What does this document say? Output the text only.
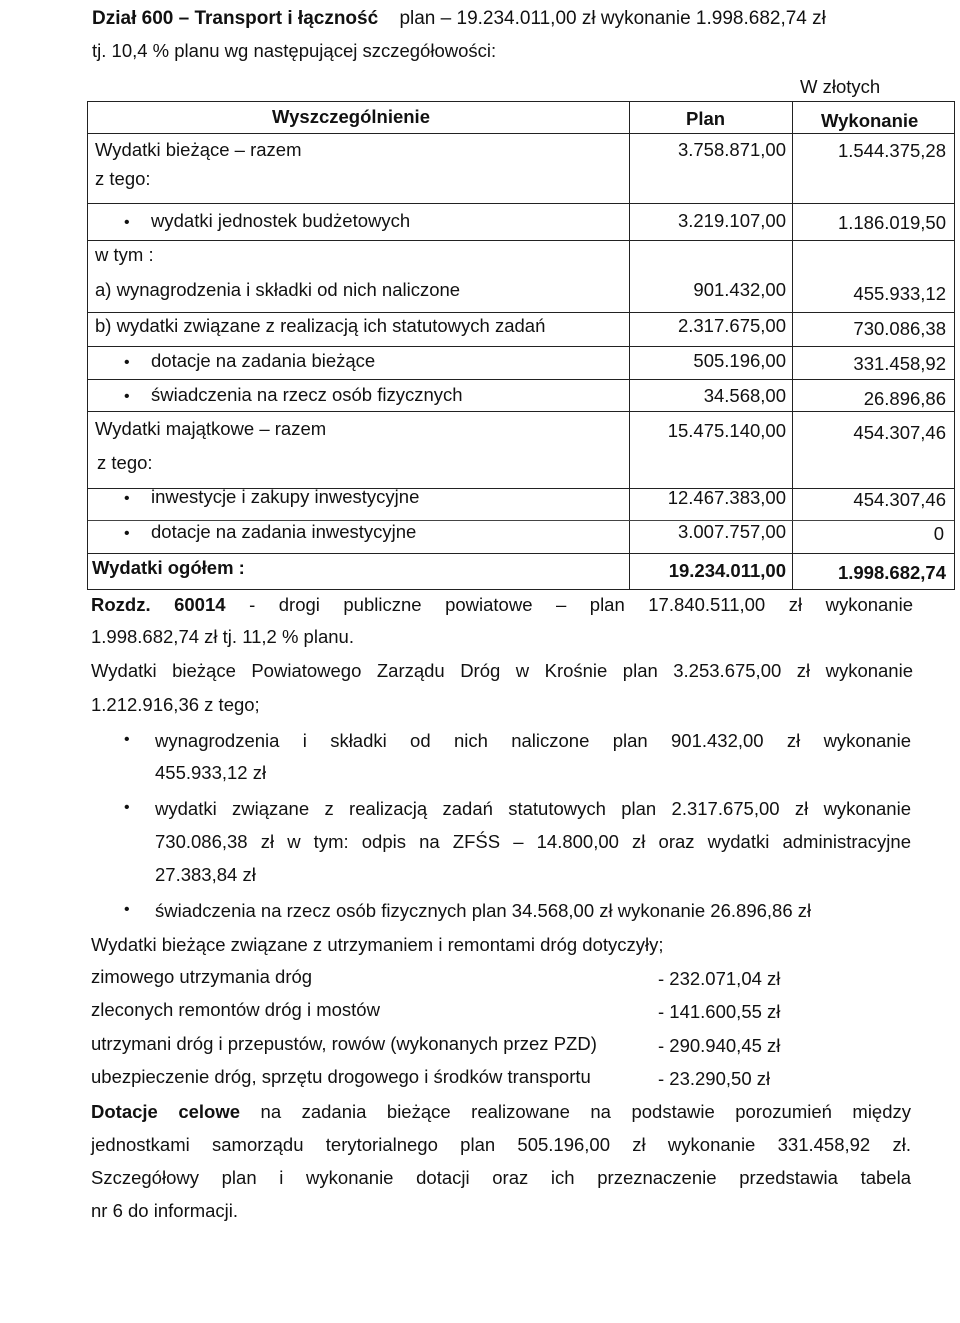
Dział 600 – Transport i łączność plan – 19.234.011,00 zł wykonanie 1.998.682,74 zł
tj. 10,4 % planu wg następującej szczegółowości:
W złotych
Wyszczególnienie	Plan	Wykonanie
Wydatki bieżące – razem	3.758.871,00	1.544.375,28
z tego:
• wydatki jednostek budżetowych	3.219.107,00	1.186.019,50
w tym :
a) wynagrodzenia i składki od nich naliczone	901.432,00	455.933,12
b) wydatki związane z realizacją ich statutowych zadań	2.317.675,00	730.086,38
• dotacje na zadania bieżące	505.196,00	331.458,92
• świadczenia na rzecz osób fizycznych	34.568,00	26.896,86
Wydatki majątkowe – razem	15.475.140,00	454.307,46
z tego:
• inwestycje i zakupy inwestycyjne	12.467.383,00	454.307,46
• dotacje na zadania inwestycyjne	3.007.757,00	0
Wydatki ogółem :	19.234.011,00	1.998.682,74
Rozdz. 60014 - drogi publiczne powiatowe – plan 17.840.511,00 zł wykonanie
1.998.682,74 zł tj. 11,2 % planu.
Wydatki bieżące Powiatowego Zarządu Dróg w Krośnie plan 3.253.675,00 zł wykonanie
1.212.916,36 z tego;
• wynagrodzenia i składki od nich naliczone plan 901.432,00 zł wykonanie
455.933,12 zł
• wydatki związane z realizacją zadań statutowych plan 2.317.675,00 zł wykonanie
730.086,38 zł w tym: odpis na ZFŚS – 14.800,00 zł oraz wydatki administracyjne
27.383,84 zł
• świadczenia na rzecz osób fizycznych plan 34.568,00 zł wykonanie 26.896,86 zł
Wydatki bieżące związane z utrzymaniem i remontami dróg dotyczyły;
zimowego utrzymania dróg	- 232.071,04 zł
zleconych remontów dróg i mostów	- 141.600,55 zł
utrzymani dróg i przepustów, rowów (wykonanych przez PZD)	- 290.940,45 zł
ubezpieczenie dróg, sprzętu drogowego i środków transportu	- 23.290,50 zł
Dotacje celowe na zadania bieżące realizowane na podstawie porozumień między
jednostkami samorządu terytorialnego plan 505.196,00 zł wykonanie 331.458,92 zł.
Szczegółowy plan i wykonanie dotacji oraz ich przeznaczenie przedstawia tabela
nr 6 do informacji.
